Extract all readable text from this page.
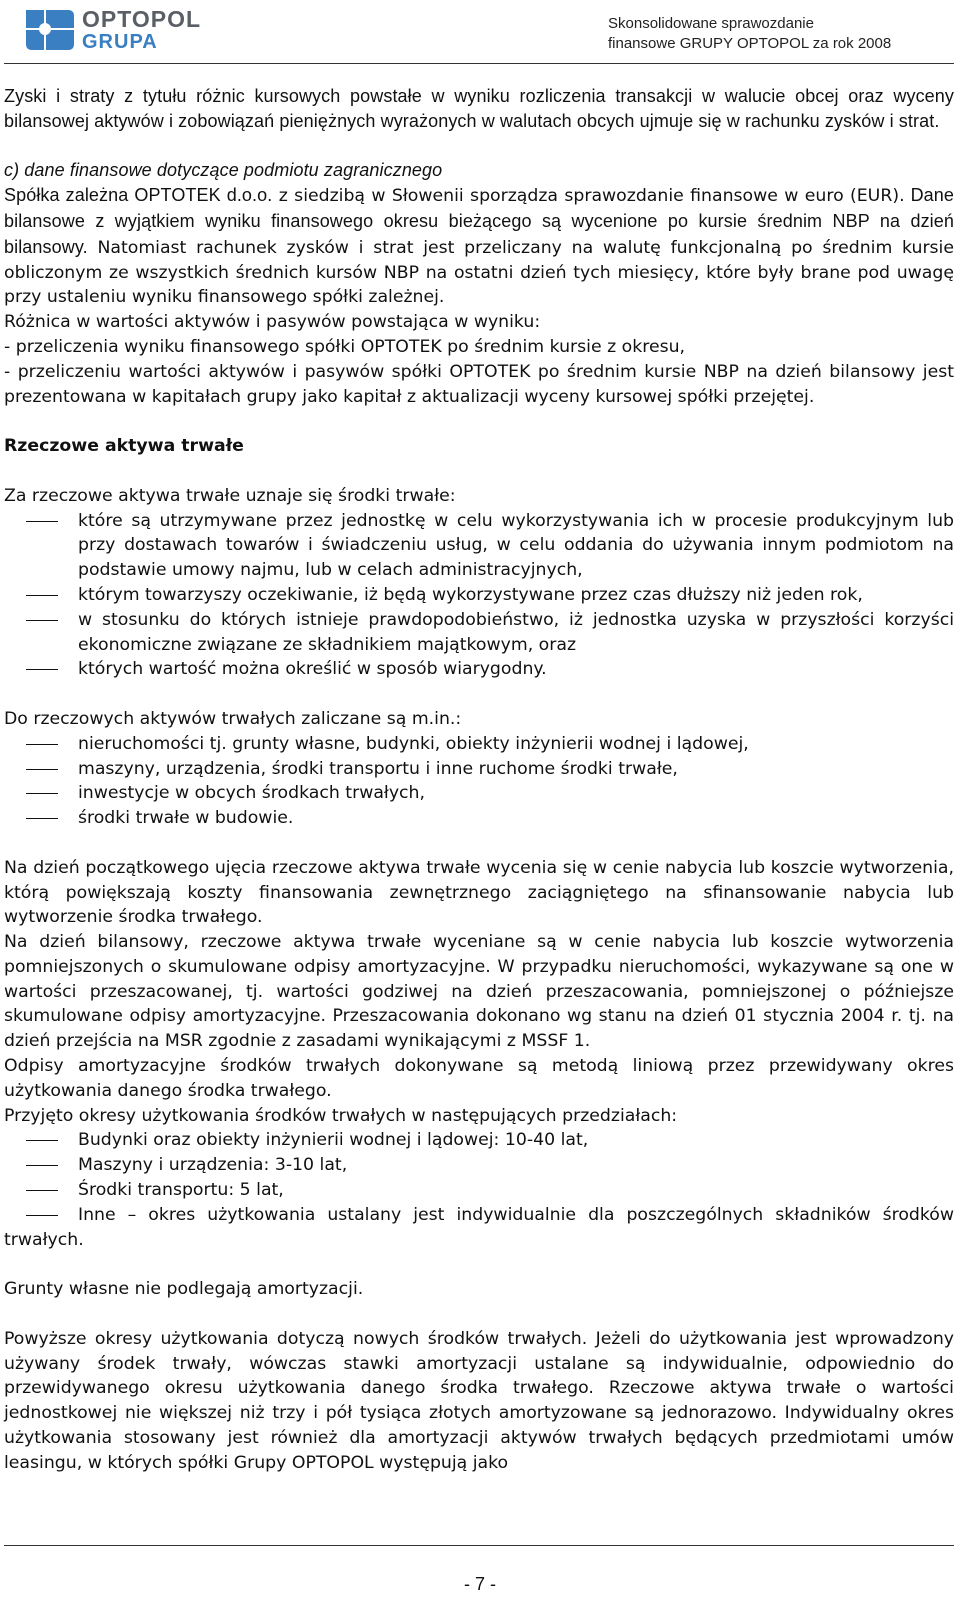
OPTOPOL
GRUPA
Skonsolidowane sprawozdanie
finansowe GRUPY OPTOPOL za rok 2008

Zyski i straty z tytułu różnic kursowych powstałe w wyniku rozliczenia transakcji w walucie obcej oraz wyceny bilansowej aktywów i zobowiązań pieniężnych wyrażonych w walutach obcych ujmuje się w rachunku zysków i strat.

c) dane finansowe dotyczące podmiotu zagranicznego

Spółka zależna OPTOTEK d.o.o. z siedzibą w Słowenii sporządza sprawozdanie finansowe w euro (EUR). Dane bilansowe z wyjątkiem wyniku finansowego okresu bieżącego są wycenione po kursie średnim NBP na dzień bilansowy. Natomiast rachunek zysków i strat jest przeliczany na walutę funkcjonalną po średnim kursie obliczonym ze wszystkich średnich kursów NBP na ostatni dzień tych miesięcy, które były brane pod uwagę przy ustaleniu wyniku finansowego spółki zależnej.

Różnica w wartości aktywów i pasywów powstająca w wyniku:

- przeliczenia wyniku finansowego spółki OPTOTEK po średnim kursie z okresu,

- przeliczeniu wartości aktywów i pasywów spółki OPTOTEK po średnim kursie NBP na dzień bilansowy jest prezentowana w kapitałach grupy jako kapitał z aktualizacji wyceny kursowej spółki przejętej.

Rzeczowe aktywa trwałe

Za rzeczowe aktywa trwałe uznaje się środki trwałe:

które są utrzymywane przez jednostkę w celu wykorzystywania ich w procesie produkcyjnym lub przy dostawach towarów i świadczeniu usług, w celu oddania do używania innym podmiotom na podstawie umowy najmu, lub w celach administracyjnych,
którym towarzyszy oczekiwanie, iż będą wykorzystywane przez czas dłuższy niż jeden rok,
w stosunku do których istnieje prawdopodobieństwo, iż jednostka uzyska w przyszłości korzyści ekonomiczne związane ze składnikiem majątkowym, oraz
których wartość można określić w sposób wiarygodny.

Do rzeczowych aktywów trwałych zaliczane są m.in.:

nieruchomości tj. grunty własne, budynki, obiekty inżynierii wodnej i lądowej,
maszyny, urządzenia, środki transportu i inne ruchome środki trwałe,
inwestycje w obcych środkach trwałych,
środki trwałe w budowie.

Na dzień początkowego ujęcia rzeczowe aktywa trwałe wycenia się w cenie nabycia lub koszcie wytworzenia, którą powiększają koszty finansowania zewnętrznego zaciągniętego na sfinansowanie nabycia lub wytworzenie środka trwałego.

Na dzień bilansowy, rzeczowe aktywa trwałe wyceniane są w cenie nabycia lub koszcie wytworzenia pomniejszonych o skumulowane odpisy amortyzacyjne. W przypadku nieruchomości, wykazywane są one w wartości przeszacowanej, tj. wartości godziwej na dzień przeszacowania, pomniejszonej o późniejsze skumulowane odpisy amortyzacyjne. Przeszacowania dokonano wg stanu na dzień 01 stycznia 2004 r. tj. na dzień przejścia na MSR zgodnie z zasadami wynikającymi z MSSF 1.

Odpisy amortyzacyjne środków trwałych dokonywane są metodą liniową przez przewidywany okres użytkowania danego środka trwałego.

Przyjęto okresy użytkowania środków trwałych w następujących przedziałach:

Budynki oraz obiekty inżynierii wodnej i lądowej: 10-40 lat,
Maszyny i urządzenia: 3-10 lat,
Środki transportu: 5 lat,

Inne – okres użytkowania ustalany jest indywidualnie dla poszczególnych składników środków trwałych.

Grunty własne nie podlegają amortyzacji.

Powyższe okresy użytkowania dotyczą nowych środków trwałych. Jeżeli do użytkowania jest wprowadzony używany środek trwały, wówczas stawki amortyzacji ustalane są indywidualnie, odpowiednio do przewidywanego okresu użytkowania danego środka trwałego. Rzeczowe aktywa trwałe o wartości jednostkowej nie większej niż trzy i pół tysiąca złotych amortyzowane są jednorazowo. Indywidualny okres użytkowania stosowany jest również dla amortyzacji aktywów trwałych będących przedmiotami umów leasingu, w których spółki Grupy OPTOPOL występują jako

- 7 -
